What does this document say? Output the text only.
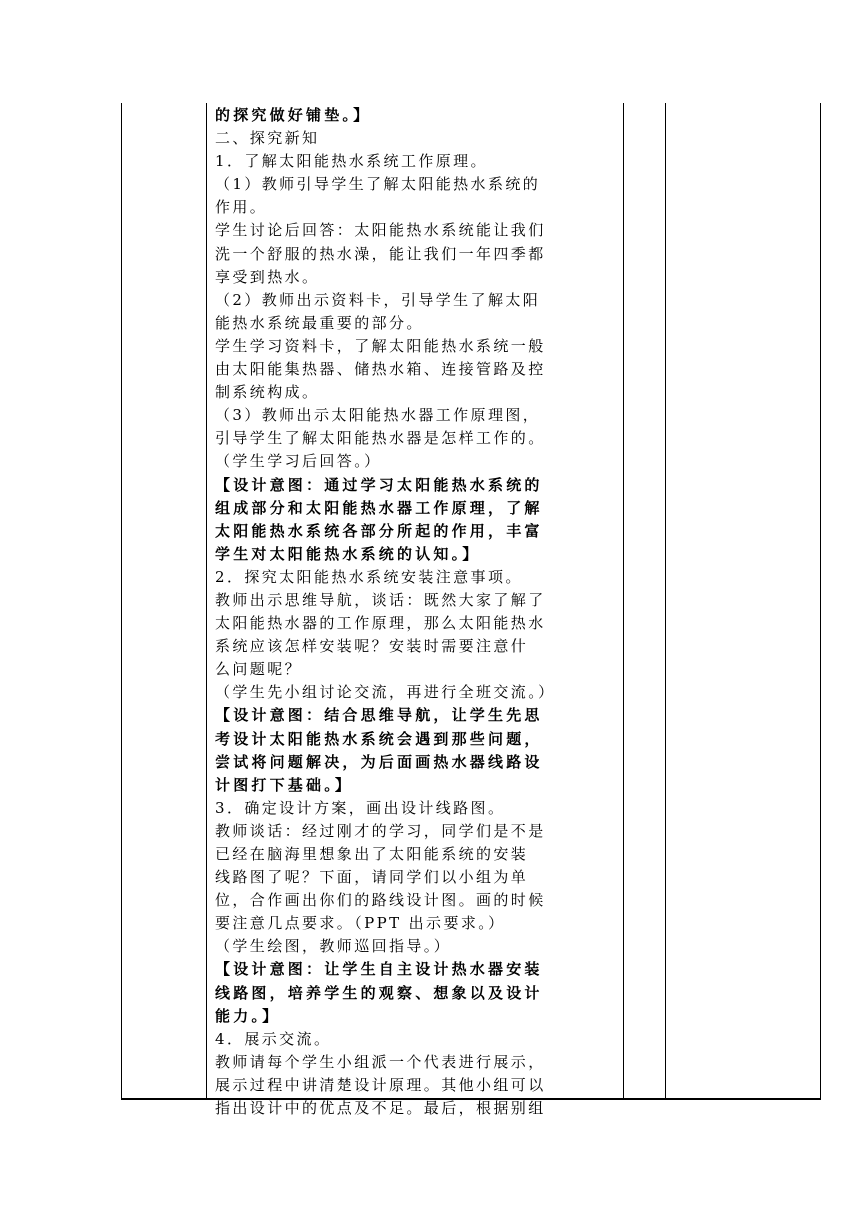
的探究做好铺垫。】
二、探究新知
1．了解太阳能热水系统工作原理。
（1）教师引导学生了解太阳能热水系统的
作用。
学生讨论后回答：太阳能热水系统能让我们
洗一个舒服的热水澡，能让我们一年四季都
享受到热水。
（2）教师出示资料卡，引导学生了解太阳
能热水系统最重要的部分。
学生学习资料卡，了解太阳能热水系统一般
由太阳能集热器、储热水箱、连接管路及控
制系统构成。
（3）教师出示太阳能热水器工作原理图，
引导学生了解太阳能热水器是怎样工作的。
（学生学习后回答。）
【设计意图：通过学习太阳能热水系统的
组成部分和太阳能热水器工作原理，了解
太阳能热水系统各部分所起的作用，丰富
学生对太阳能热水系统的认知。】
2．探究太阳能热水系统安装注意事项。
教师出示思维导航，谈话：既然大家了解了
太阳能热水器的工作原理，那么太阳能热水
系统应该怎样安装呢？安装时需要注意什
么问题呢？
（学生先小组讨论交流，再进行全班交流。）
【设计意图：结合思维导航，让学生先思
考设计太阳能热水系统会遇到那些问题，
尝试将问题解决，为后面画热水器线路设
计图打下基础。】
3．确定设计方案，画出设计线路图。
教师谈话：经过刚才的学习，同学们是不是
已经在脑海里想象出了太阳能系统的安装
线路图了呢？下面，请同学们以小组为单
位，合作画出你们的路线设计图。画的时候
要注意几点要求。（PPT 出示要求。）
（学生绘图，教师巡回指导。）
【设计意图：让学生自主设计热水器安装
线路图，培养学生的观察、想象以及设计
能力。】
4．展示交流。
教师请每个学生小组派一个代表进行展示，
展示过程中讲清楚设计原理。其他小组可以
指出设计中的优点及不足。最后，根据别组
